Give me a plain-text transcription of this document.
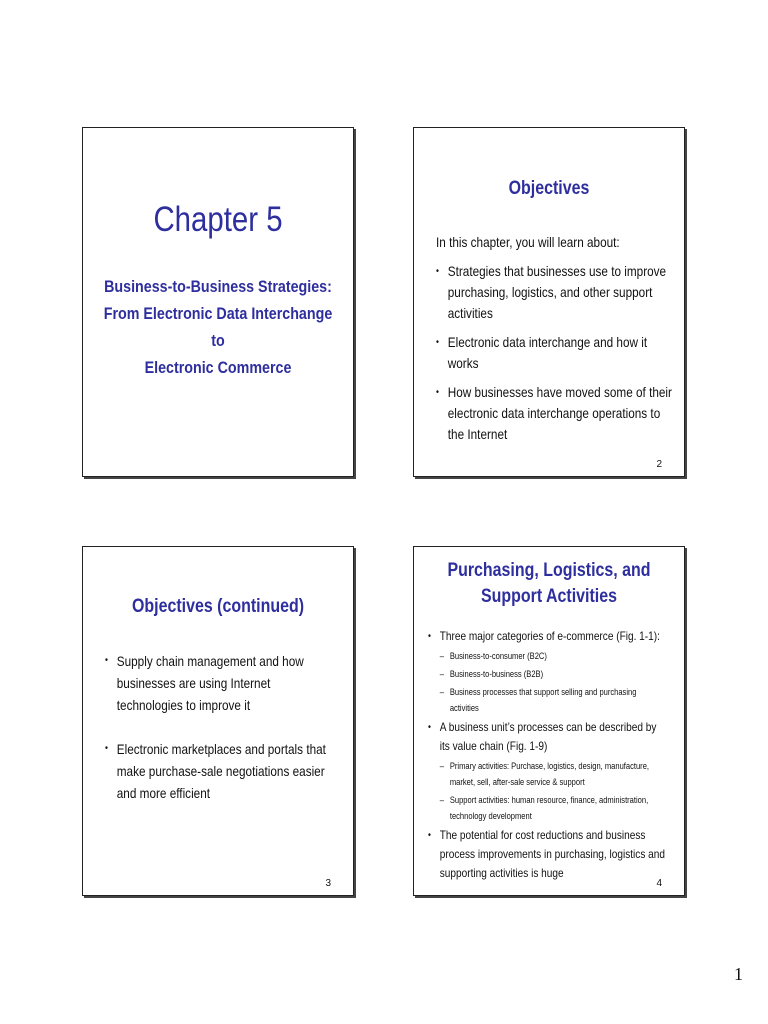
Chapter 5
Business-to-Business Strategies:
From Electronic Data Interchange to
Electronic Commerce
Objectives
In this chapter, you will learn about:
• Strategies that businesses use to improve purchasing, logistics, and other support activities
• Electronic data interchange and how it works
• How businesses have moved some of their electronic data interchange operations to the Internet
2
Objectives (continued)
• Supply chain management and how businesses are using Internet technologies to improve it
• Electronic marketplaces and portals that make purchase-sale negotiations easier and more efficient
3
Purchasing, Logistics, and
Support Activities
• Three major categories of e-commerce (Fig. 1-1):
– Business-to-consumer (B2C)
– Business-to-business (B2B)
– Business processes that support selling and purchasing activities
• A business unit’s processes can be described by its value chain (Fig. 1-9)
– Primary activities: Purchase, logistics, design, manufacture, market, sell, after-sale service & support
– Support activities: human resource, finance, administration, technology development
• The potential for cost reductions and business process improvements in purchasing, logistics and supporting activities is huge
4
1
